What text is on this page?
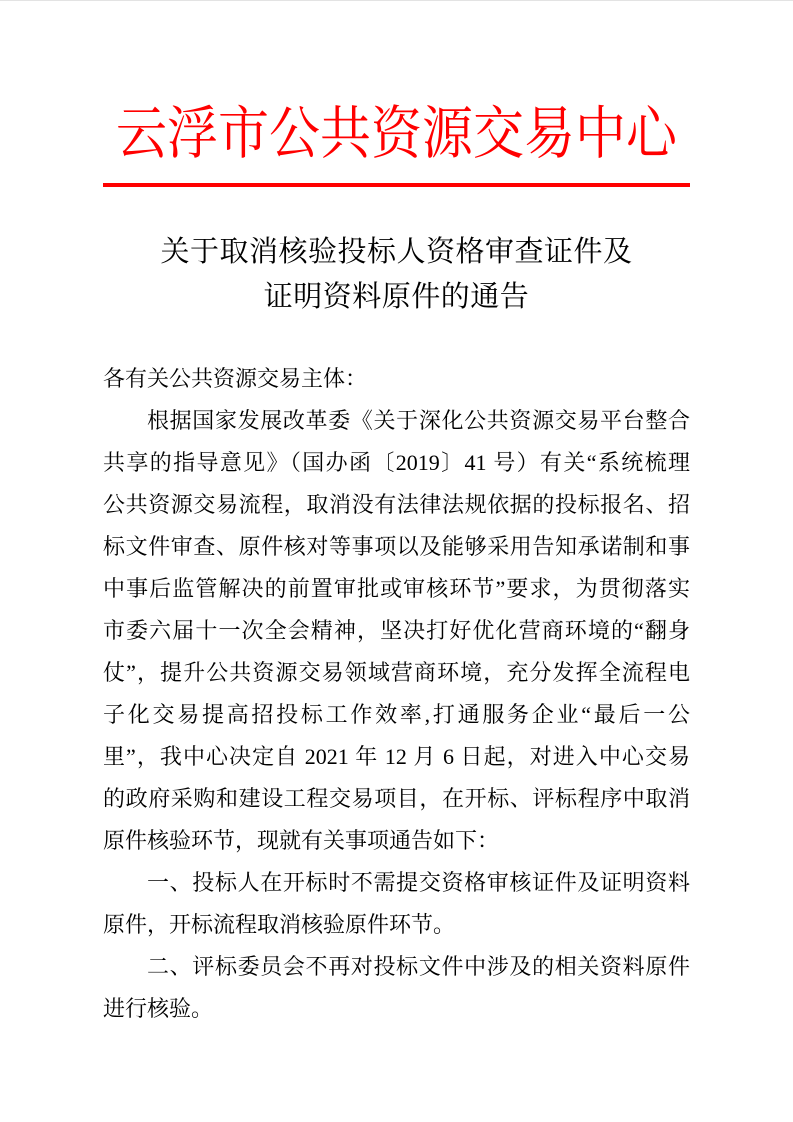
云浮市公共资源交易中心
关于取消核验投标人资格审查证件及
证明资料原件的通告
各有关公共资源交易主体：
根据国家发展改革委《关于深化公共资源交易平台整合
共享的指导意见》（国办函〔2019〕41 号）有关“系统梳理
公共资源交易流程，取消没有法律法规依据的投标报名、招
标文件审查、原件核对等事项以及能够采用告知承诺制和事
中事后监管解决的前置审批或审核环节”要求，为贯彻落实
市委六届十一次全会精神，坚决打好优化营商环境的“翻身
仗”，提升公共资源交易领域营商环境，充分发挥全流程电
子化交易提高招投标工作效率,打通服务企业“最后一公
里”，我中心决定自 2021 年 12 月 6 日起，对进入中心交易
的政府采购和建设工程交易项目，在开标、评标程序中取消
原件核验环节，现就有关事项通告如下：
一、投标人在开标时不需提交资格审核证件及证明资料
原件，开标流程取消核验原件环节。
二、评标委员会不再对投标文件中涉及的相关资料原件
进行核验。
